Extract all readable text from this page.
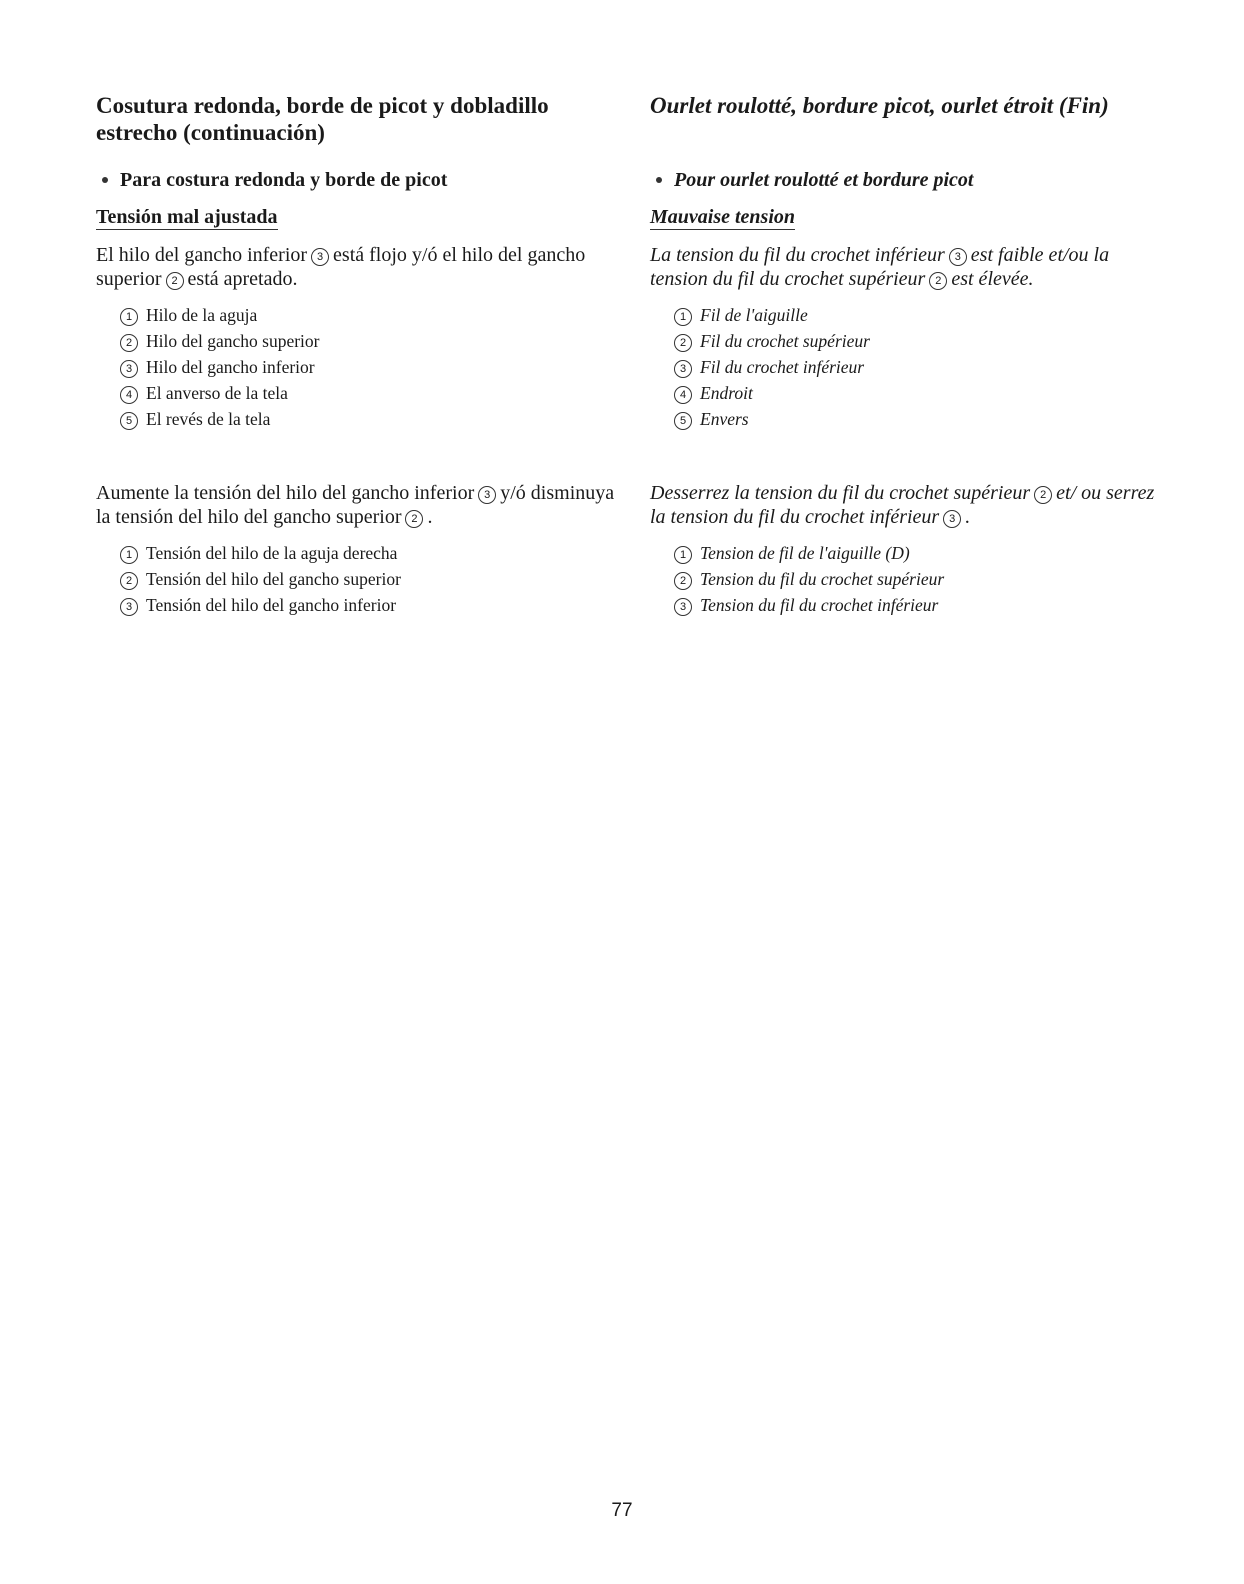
Cosutura redonda, borde de picot y dobladillo estrecho (continuación)
Para costura redonda y borde de picot
Tensión mal ajustada
El hilo del gancho inferior 3 está flojo y/ó el hilo del gancho superior 2 está apretado.
1 Hilo de la aguja
2 Hilo del gancho superior
3 Hilo del gancho inferior
4 El anverso de la tela
5 El revés de la tela
Aumente la tensión del hilo del gancho inferior 3 y/ó disminuya la tensión del hilo del gancho superior 2 .
1 Tensión del hilo de la aguja derecha
2 Tensión del hilo del gancho superior
3 Tensión del hilo del gancho inferior
Ourlet roulotté, bordure picot, ourlet étroit (Fin)
Pour ourlet roulotté et bordure picot
Mauvaise tension
La tension du fil du crochet inférieur 3 est faible et/ou la tension du fil du crochet supérieur 2 est élevée.
1 Fil de l'aiguille
2 Fil du crochet supérieur
3 Fil du crochet inférieur
4 Endroit
5 Envers
Desserrez la tension du fil du crochet supérieur 2 et/ ou serrez la tension du fil du crochet inférieur 3 .
1 Tension de fil de l'aiguille (D)
2 Tension du fil du crochet supérieur
3 Tension du fil du crochet inférieur
77
